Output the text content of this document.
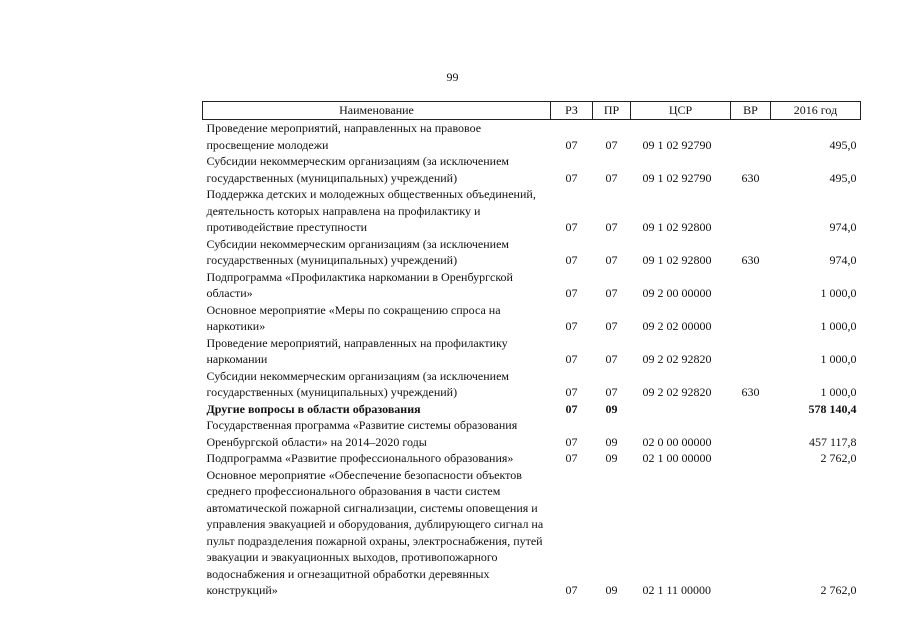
99
Наименование	РЗ	ПР	ЦСР	ВР	2016 год
Проведение мероприятий, направленных на правовое просвещение молодежи	07	07	09 1 02 92790		495,0
Субсидии некоммерческим организациям (за исключением государственных (муниципальных) учреждений)	07	07	09 1 02 92790	630	495,0
Поддержка детских и молодежных общественных объединений, деятельность которых направлена на профилактику и противодействие преступности	07	07	09 1 02 92800		974,0
Субсидии некоммерческим организациям (за исключением государственных (муниципальных) учреждений)	07	07	09 1 02 92800	630	974,0
Подпрограмма «Профилактика наркомании в Оренбургской области»	07	07	09 2 00 00000		1 000,0
Основное мероприятие «Меры по сокращению спроса на наркотики»	07	07	09 2 02 00000		1 000,0
Проведение мероприятий, направленных на профилактику наркомании	07	07	09 2 02 92820		1 000,0
Субсидии некоммерческим организациям (за исключением государственных (муниципальных) учреждений)	07	07	09 2 02 92820	630	1 000,0
Другие вопросы в области образования	07	09			578 140,4
Государственная программа «Развитие системы образования Оренбургской области» на 2014–2020 годы	07	09	02 0 00 00000		457 117,8
Подпрограмма «Развитие профессионального образования»	07	09	02 1 00 00000		2 762,0
Основное мероприятие «Обеспечение безопасности объектов среднего профессионального образования в части систем автоматической пожарной сигнализации, системы оповещения и управления эвакуацией и оборудования, дублирующего сигнал на пульт подразделения пожарной охраны, электроснабжения, путей эвакуации и эвакуационных выходов, противопожарного водоснабжения и огнезащитной обработки деревянных конструкций»	07	09	02 1 11 00000		2 762,0
